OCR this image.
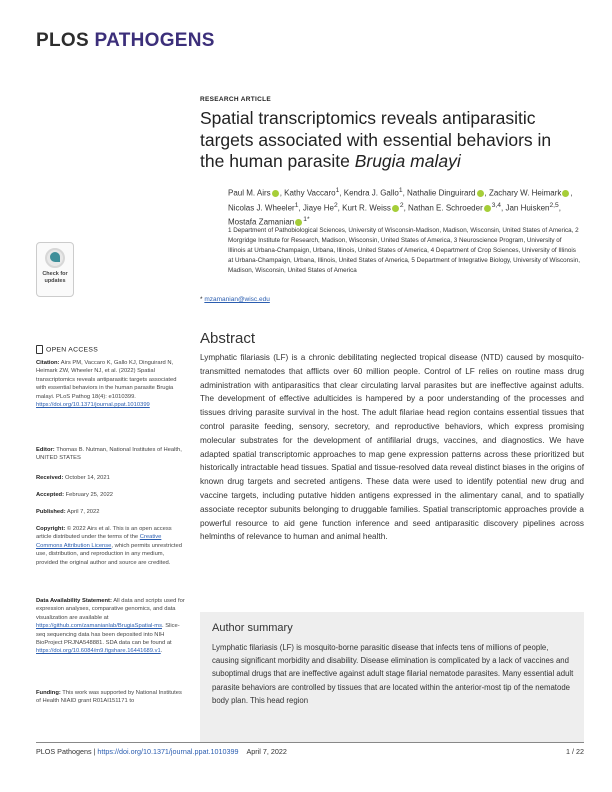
PLOS PATHOGENS
Check for
updates
RESEARCH ARTICLE
Spatial transcriptomics reveals antiparasitic targets associated with essential behaviors in the human parasite Brugia malayi
Paul M. Airs , Kathy Vaccaro$^1$, Kendra J. Gallo$^1$, Nathalie Dinguirard , Zachary W. Heimark , Nicolas J. Wheeler$^1$, Jiaye He$^2$, Kurt R. Weiss $^2$, Nathan E. Schroeder $^{3,4}$, Jan Huisken$^{2,5}$, Mostafa Zamanian $^{1*}$
1 Department of Pathobiological Sciences, University of Wisconsin-Madison, Madison, Wisconsin, United States of America, 2 Morgridge Institute for Research, Madison, Wisconsin, United States of America, 3 Neuroscience Program, University of Illinois at Urbana-Champaign, Urbana, Illinois, United States of America, 4 Department of Crop Sciences, University of Illinois at Urbana-Champaign, Urbana, Illinois, United States of America, 5 Department of Integrative Biology, University of Wisconsin, Madison, Wisconsin, United States of America
* mzamanian@wisc.edu
OPEN ACCESS
Citation: Airs PM, Vaccaro K, Gallo KJ, Dinguirard N, Heimark ZW, Wheeler NJ, et al. (2022) Spatial transcriptomics reveals antiparasitic targets associated with essential behaviors in the human parasite Brugia malayi. PLoS Pathog 18(4): e1010399. https://doi.org/10.1371/journal.ppat.1010399
Editor: Thomas B. Nutman, National Institutes of Health, UNITED STATES
Received: October 14, 2021
Accepted: February 25, 2022
Published: April 7, 2022
Copyright: © 2022 Airs et al. This is an open access article distributed under the terms of the Creative Commons Attribution License, which permits unrestricted use, distribution, and reproduction in any medium, provided the original author and source are credited.
Data Availability Statement: All data and scripts used for expression analyses, comparative genomics, and data visualization are available at https://github.com/zamanianlab/BrugiaSpatial-ms. Slice-seq sequencing data has been deposited into NIH BioProject PRJNA548881. SDA data can be found at https://doi.org/10.6084/m9.figshare.16441689.v1.
Funding: This work was supported by National Institutes of Health NIAID grant R01AI151171 to
Abstract
Lymphatic filariasis (LF) is a chronic debilitating neglected tropical disease (NTD) caused by mosquito-transmitted nematodes that afflicts over 60 million people. Control of LF relies on routine mass drug administration with antiparasitics that clear circulating larval parasites but are ineffective against adults. The development of effective adulticides is hampered by a poor understanding of the processes and tissues driving parasite survival in the host. The adult filariae head region contains essential tissues that control parasite feeding, sensory, secretory, and reproductive behaviors, which express promising molecular substrates for the development of antifilarial drugs, vaccines, and diagnostics. We have adapted spatial transcriptomic approaches to map gene expression patterns across these prioritized but historically intractable head tissues. Spatial and tissue-resolved data reveal distinct biases in the origins of known drug targets and secreted antigens. These data were used to identify potential new drug and vaccine targets, including putative hidden antigens expressed in the alimentary canal, and to spatially associate receptor subunits belonging to druggable families. Spatial transcriptomic approaches provide a powerful resource to aid gene function inference and seed antiparasitic discovery pipelines across helminths of relevance to human and animal health.
Author summary
Lymphatic filariasis (LF) is mosquito-borne parasitic disease that infects tens of millions of people, causing significant morbidity and disability. Disease elimination is complicated by a lack of vaccines and suboptimal drugs that are ineffective against adult stage filarial nematode parasites. Many essential adult parasite behaviors are controlled by tissues that are located within the anterior-most tip of the nematode body plan. This head region
PLOS Pathogens | https://doi.org/10.1371/journal.ppat.1010399 April 7, 2022	1 / 22
